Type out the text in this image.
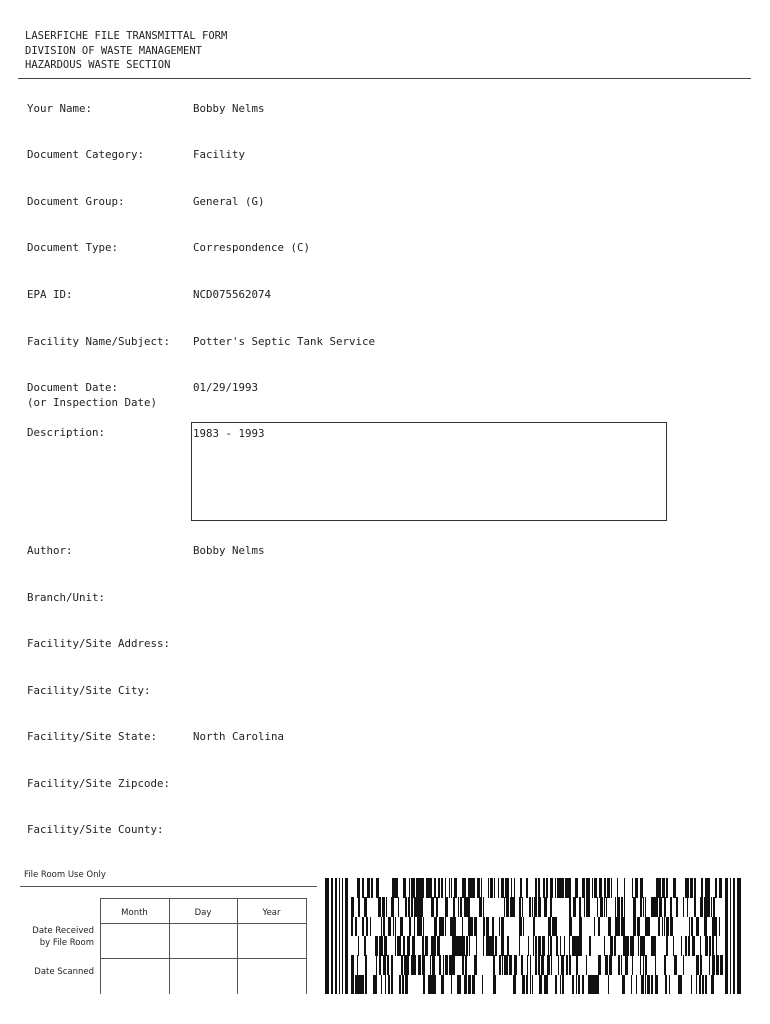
LASERFICHE FILE TRANSMITTAL FORM
DIVISION OF WASTE MANAGEMENT
HAZARDOUS WASTE SECTION

Your Name:

	Bobby Nelms

Document Category:

	Facility

Document Group:

	General (G)

Document Type:

	Correspondence (C)

EPA ID:

	NCD075562074

Facility Name/Subject:

Potter's Septic Tank Service

Document Date:

(or Inspection Date)

01/29/1993

Description:	1983 - 1993

Author:

	Bobby Nelms

Branch/Unit:

Facility/Site Address:

Facility/Site City:

Facility/Site State:

	North Carolina

Facility/Site Zipcode:

Facility/Site County:

File Room Use Only
Month	Day	Year
Date Received
by File Room
Date Scanned
